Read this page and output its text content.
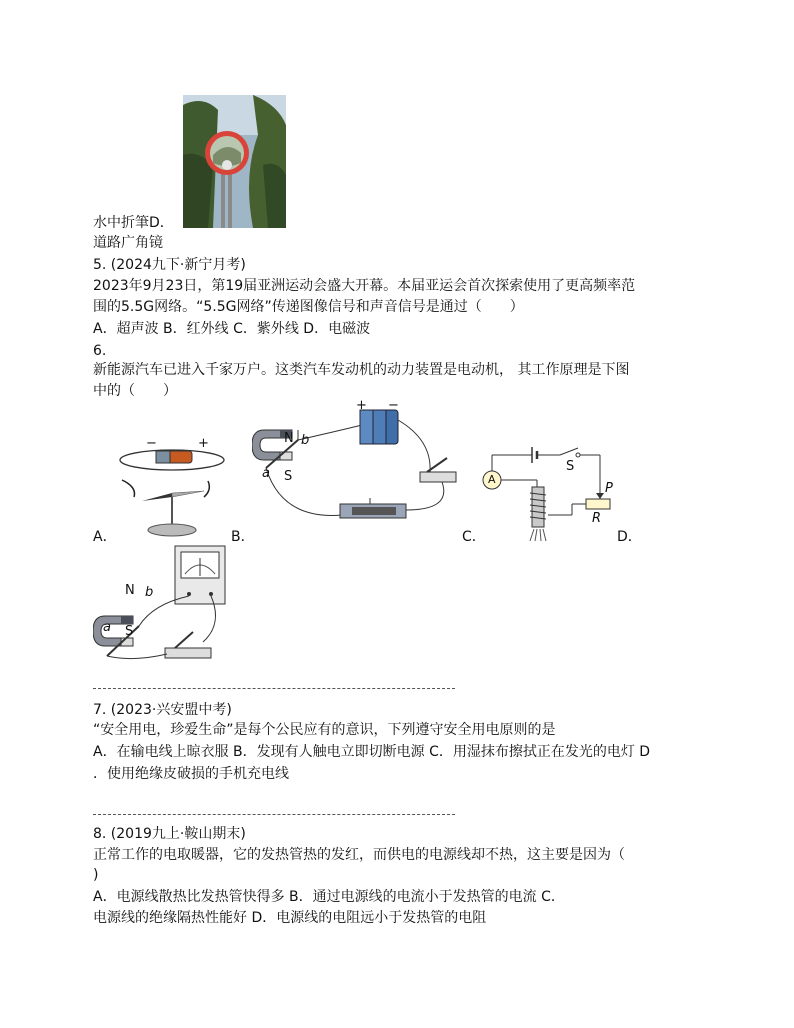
水中折筆D．
道路广角镜
5. (2024九下·新宁月考)
2023年9月23日，第19届亚洲运动会盛大开幕。本届亚运会首次探索使用了更高频率范
围的5.5G网络。“5.5G网络”传递图像信号和声音信号是通过（　　）
A．超声波 B．红外线 C．紫外线 D．电磁波
6.
新能源汽车已进入千家万户。这类汽车发动机的动力装置是电动机， 其工作原理是下图
中的（　　）
−	+	N b
a S
+ −
A
S
P
R
A．	B．	C．	D．
N b
a S
7. (2023·兴安盟中考)
“安全用电，珍爱生命”是每个公民应有的意识，下列遵守安全用电原则的是
A．在输电线上晾衣服 B．发现有人触电立即切断电源 C．用湿抹布擦拭正在发光的电灯 D
．使用绝缘皮破损的手机充电线
8. (2019九上·鞍山期末)
正常工作的电取暖器，它的发热管热的发红，而供电的电源线却不热，这主要是因为（
)
A．电源线散热比发热管快得多 B．通过电源线的电流小于发热管的电流 C．
电源线的绝缘隔热性能好 D．电源线的电阻远小于发热管的电阻
